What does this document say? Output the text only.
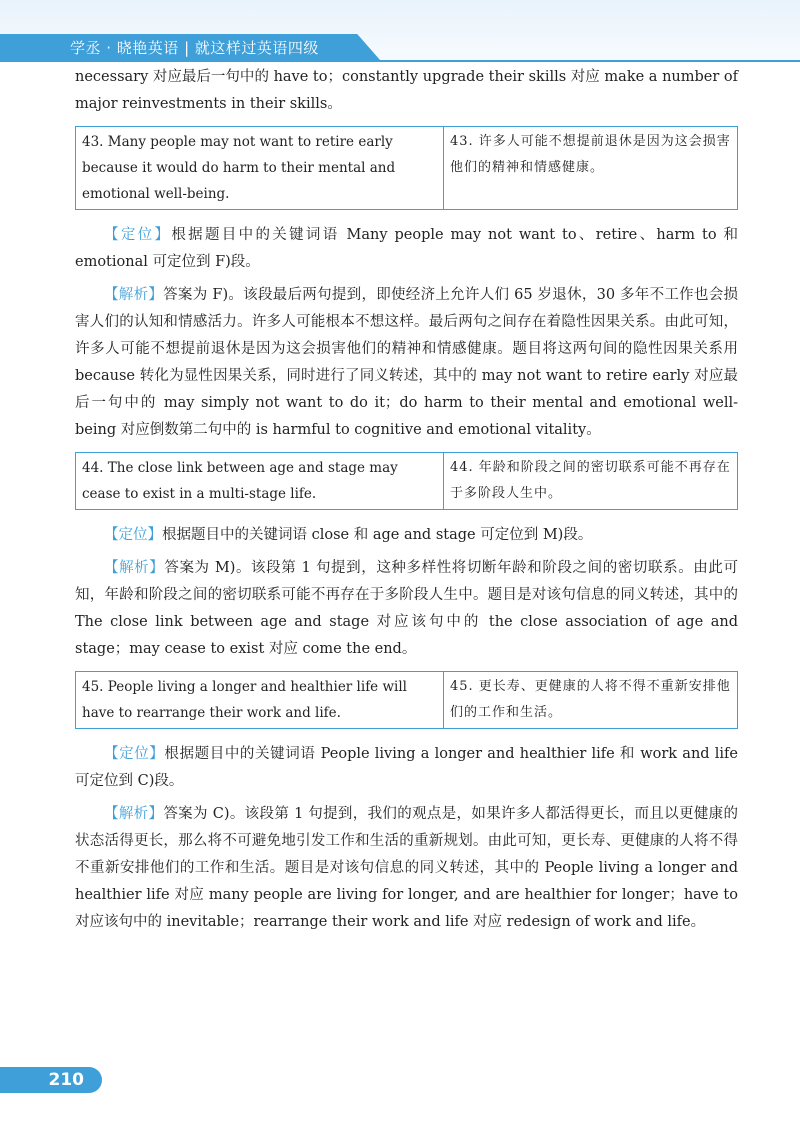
学丞 · 晓艳英语 | 就这样过英语四级

necessary 对应最后一句中的 have to；constantly upgrade their skills 对应 make a number of major reinvestments in their skills。

43. Many people may not want to retire early because it would do harm to their mental and emotional well-being.	43. 许多人可能不想提前退休是因为这会损害他们的精神和情感健康。

【定位】根据题目中的关键词语 Many people may not want to、retire、harm to 和 emotional 可定位到 F)段。

【解析】答案为 F)。该段最后两句提到，即使经济上允许人们 65 岁退休，30 多年不工作也会损害人们的认知和情感活力。许多人可能根本不想这样。最后两句之间存在着隐性因果关系。由此可知，许多人可能不想提前退休是因为这会损害他们的精神和情感健康。题目将这两句间的隐性因果关系用 because 转化为显性因果关系，同时进行了同义转述，其中的 may not want to retire early 对应最后一句中的 may simply not want to do it；do harm to their mental and emotional well-being 对应倒数第二句中的 is harmful to cognitive and emotional vitality。

44. The close link between age and stage may cease to exist in a multi-stage life.	44. 年龄和阶段之间的密切联系可能不再存在于多阶段人生中。

【定位】根据题目中的关键词语 close 和 age and stage 可定位到 M)段。

【解析】答案为 M)。该段第 1 句提到，这种多样性将切断年龄和阶段之间的密切联系。由此可知，年龄和阶段之间的密切联系可能不再存在于多阶段人生中。题目是对该句信息的同义转述，其中的 The close link between age and stage 对应该句中的 the close association of age and stage；may cease to exist 对应 come the end。

45. People living a longer and healthier life will have to rearrange their work and life.	45. 更长寿、更健康的人将不得不重新安排他们的工作和生活。

【定位】根据题目中的关键词语 People living a longer and healthier life 和 work and life 可定位到 C)段。

【解析】答案为 C)。该段第 1 句提到，我们的观点是，如果许多人都活得更长，而且以更健康的状态活得更长，那么将不可避免地引发工作和生活的重新规划。由此可知，更长寿、更健康的人将不得不重新安排他们的工作和生活。题目是对该句信息的同义转述，其中的 People living a longer and healthier life 对应 many people are living for longer, and are healthier for longer；have to 对应该句中的 inevitable；rearrange their work and life 对应 redesign of work and life。

210
